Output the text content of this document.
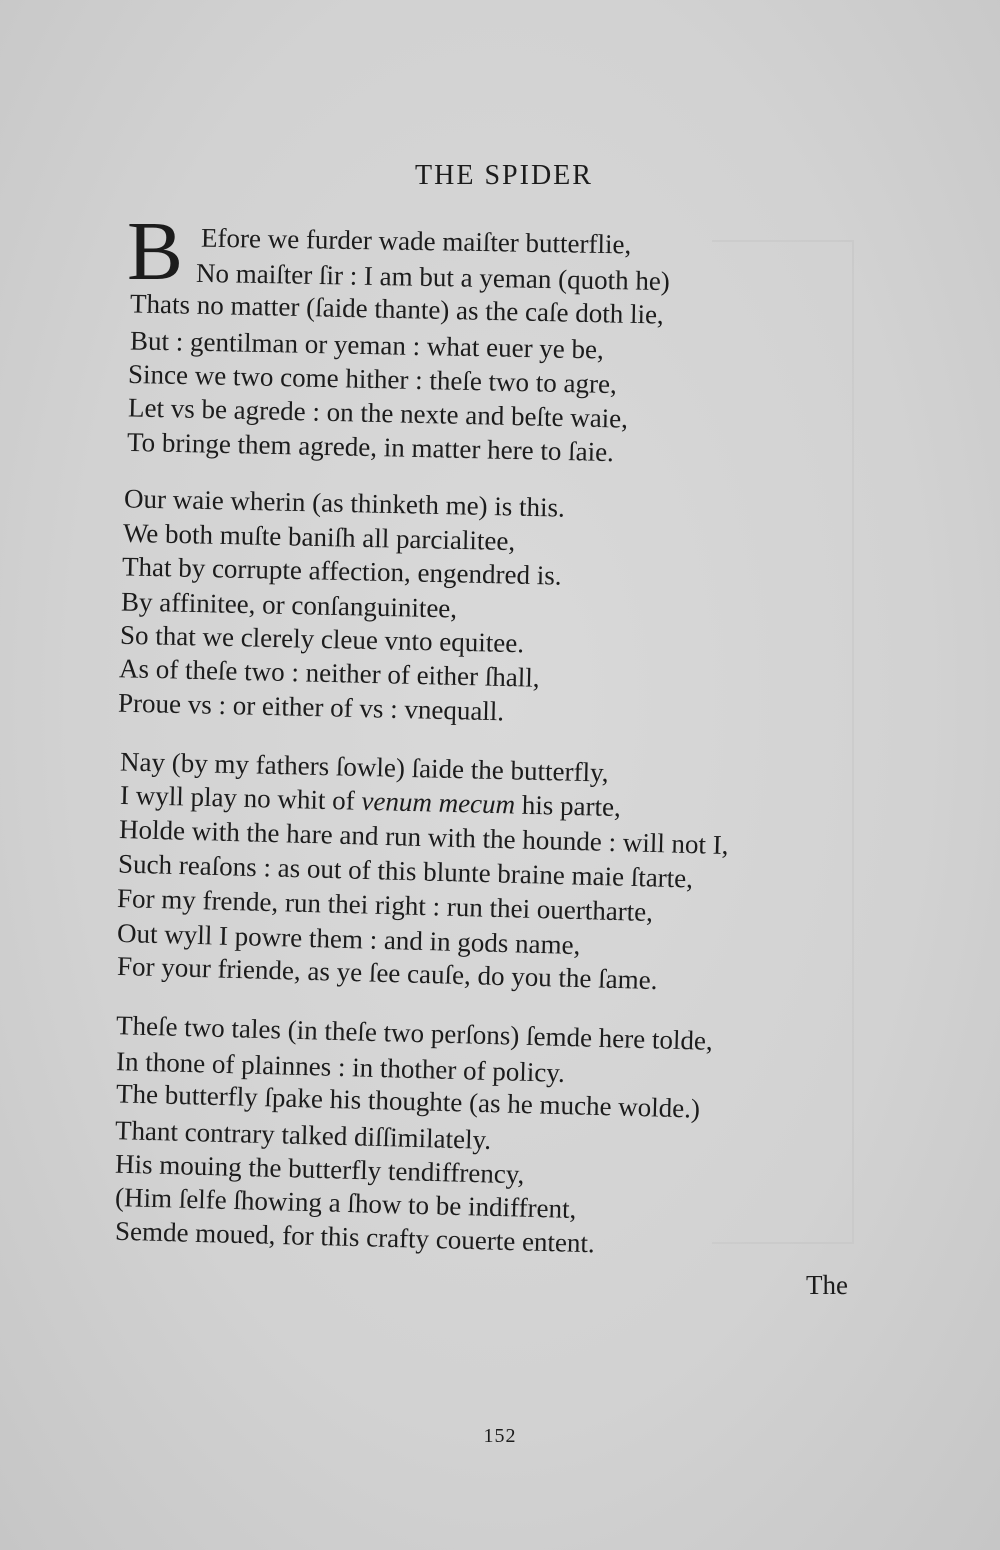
THE SPIDER
B Efore we furder wade maiſter butterflie,
No maiſter ſir : I am but a yeman (quoth he)
Thats no matter (ſaide thante) as the caſe doth lie,
But : gentilman or yeman : what euer ye be,
Since we two come hither : theſe two to agre,
Let vs be agrede : on the nexte and beſte waie,
To bringe them agrede, in matter here to ſaie.
Our waie wherin (as thinketh me) is this.
We both muſte baniſh all parcialitee,
That by corrupte affection, engendred is.
By affinitee, or conſanguinitee,
So that we clerely cleue vnto equitee.
As of theſe two : neither of either ſhall,
Proue vs : or either of vs : vnequall.
Nay (by my fathers ſowle) ſaide the butterfly,
I wyll play no whit of venum mecum his parte,
Holde with the hare and run with the hounde : will not I,
Such reaſons : as out of this blunte braine maie ſtarte,
For my frende, run thei right : run thei ouertharte,
Out wyll I powre them : and in gods name,
For your friende, as ye ſee cauſe, do you the ſame.
Theſe two tales (in theſe two perſons) ſemde here tolde,
In thone of plainnes : in thother of policy.
The butterfly ſpake his thoughte (as he muche wolde.)
Thant contrary talked diſſimilately.
His mouing the butterfly tendiffrency,
(Him ſelfe ſhowing a ſhow to be indiffrent,
Semde moued, for this crafty couerte entent.
The
152
